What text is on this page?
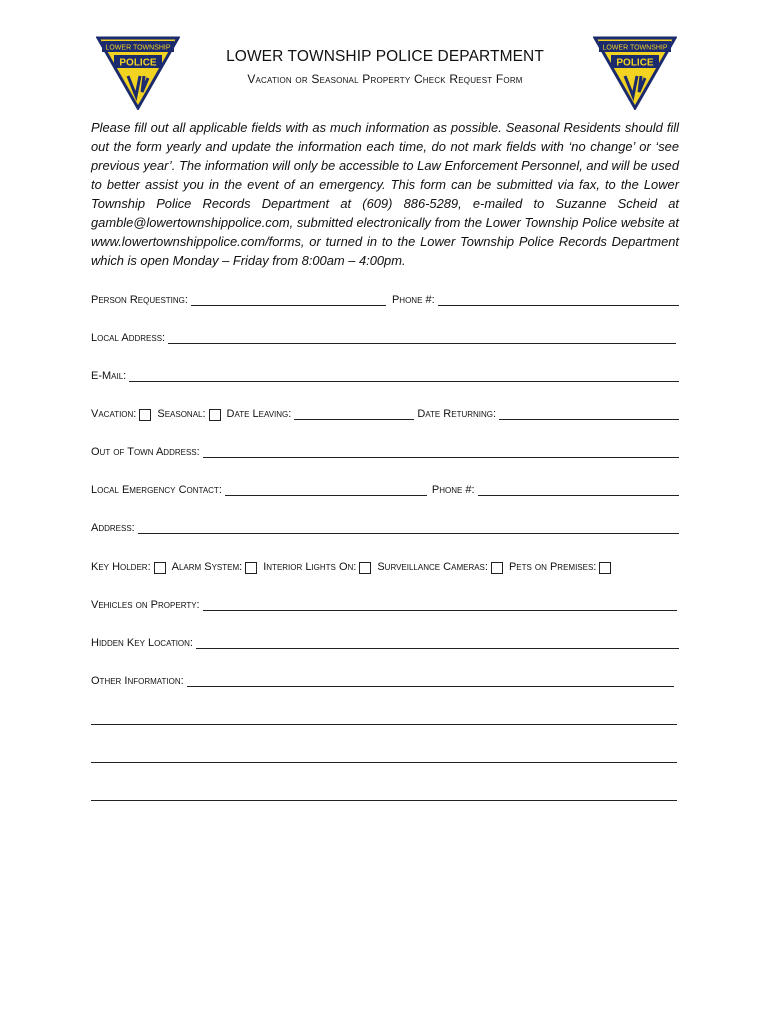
LOWER TOWNSHIP
POLICE
LOWER TOWNSHIP
POLICE
LOWER TOWNSHIP POLICE DEPARTMENT
Vacation or Seasonal Property Check Request Form
Please fill out all applicable fields with as much information as possible. Seasonal Residents should fill out the form yearly and update the information each time, do not mark fields with ‘no change’ or ‘see previous year’. The information will only be accessible to Law Enforcement Personnel, and will be used to better assist you in the event of an emergency. This form can be submitted via fax, to the Lower Township Police Records Department at (609) 886-5289, e-mailed to Suzanne Scheid at gamble@lowertownshippolice.com, submitted electronically from the Lower Township Police website at www.lowertownshippolice.com/forms, or turned in to the Lower Township Police Records Department which is open Monday – Friday from 8:00am – 4:00pm.
Person Requesting:	Phone #:
Local Address:
E-Mail:
Vacation: Seasonal: Date Leaving:	Date Returning:
Out of Town Address:
Local Emergency Contact:	Phone #:
Address:
Key Holder: Alarm System: Interior Lights On: Surveillance Cameras: Pets on Premises:
Vehicles on Property:
Hidden Key Location:
Other Information:
